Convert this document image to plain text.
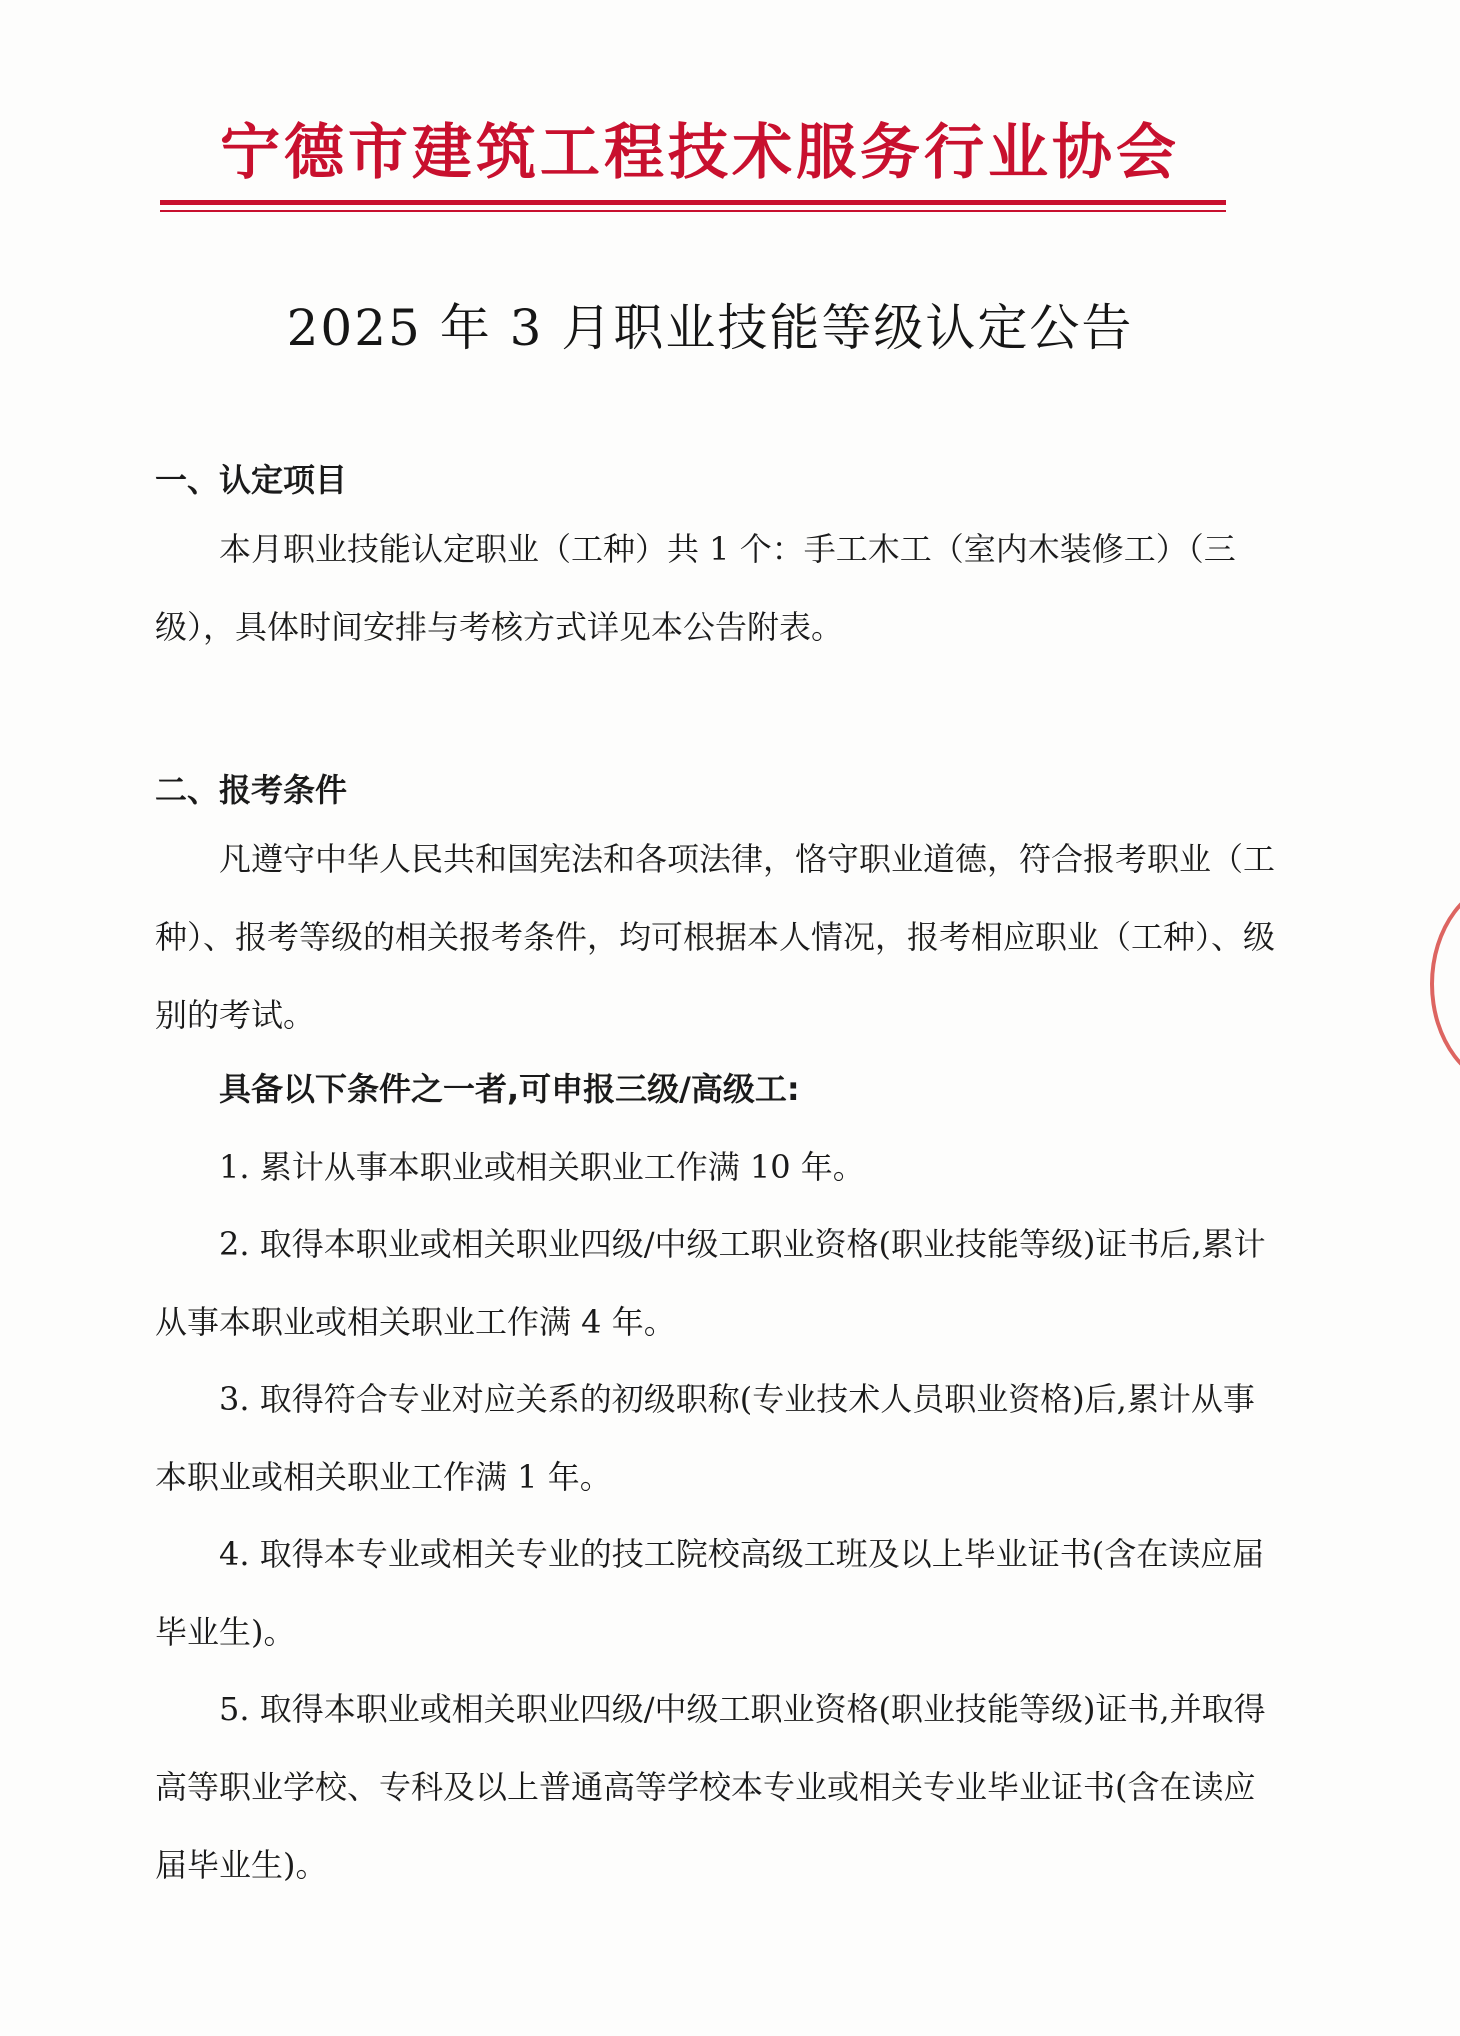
宁德市建筑工程技术服务行业协会
2025 年 3 月职业技能等级认定公告
一、认定项目
本月职业技能认定职业（工种）共 1 个：手工木工（室内木装修工）（三级），具体时间安排与考核方式详见本公告附表。
二、报考条件
凡遵守中华人民共和国宪法和各项法律，恪守职业道德，符合报考职业（工种）、报考等级的相关报考条件，均可根据本人情况，报考相应职业（工种）、级别的考试。
具备以下条件之一者,可申报三级/高级工:
1. 累计从事本职业或相关职业工作满 10 年。
2. 取得本职业或相关职业四级/中级工职业资格(职业技能等级)证书后,累计从事本职业或相关职业工作满 4 年。
3. 取得符合专业对应关系的初级职称(专业技术人员职业资格)后,累计从事本职业或相关职业工作满 1 年。
4. 取得本专业或相关专业的技工院校高级工班及以上毕业证书(含在读应届毕业生)。
5. 取得本职业或相关职业四级/中级工职业资格(职业技能等级)证书,并取得高等职业学校、专科及以上普通高等学校本专业或相关专业毕业证书(含在读应届毕业生)。
